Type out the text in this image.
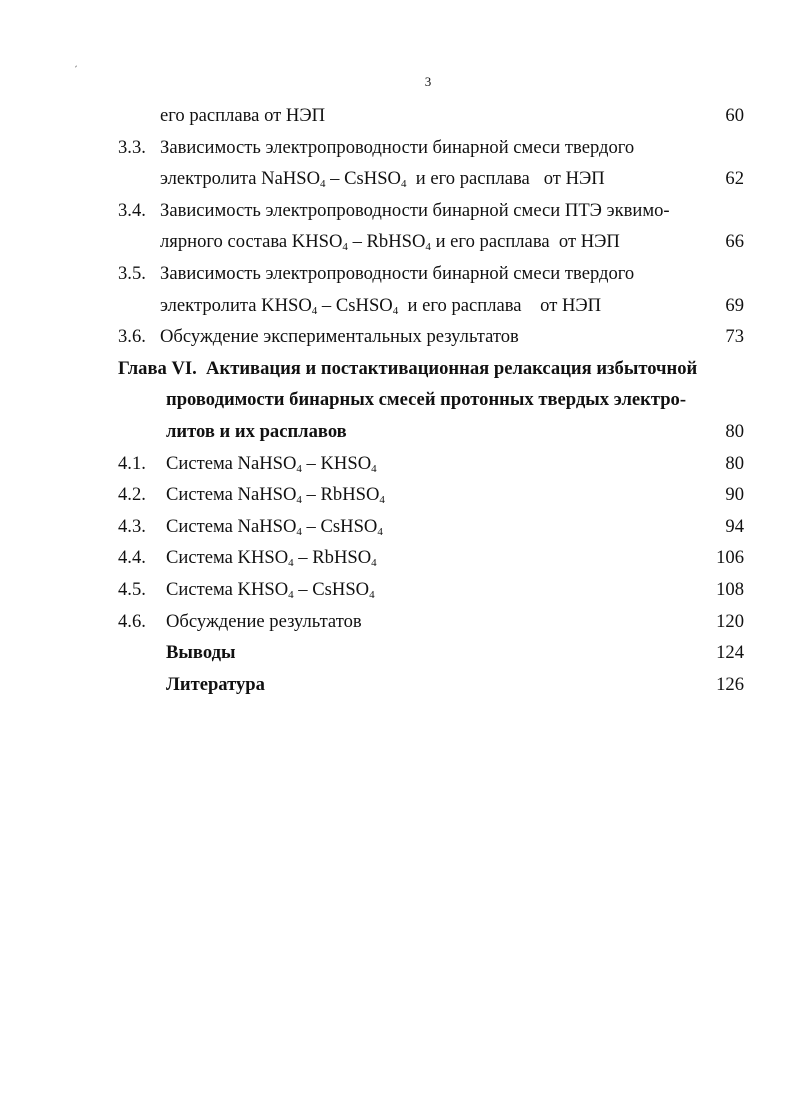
3
его расплава от НЭП	60
3.3. Зависимость электропроводности бинарной смеси твердого
электролита NaHSO$_4$ – CsHSO$_4$  и его расплава   от НЭП	62
3.4. Зависимость электропроводности бинарной смеси ПТЭ эквимо-
лярного состава $KHSO_4$ – RbHSO$_4$ и его расплава  от НЭП	66
3.5. Зависимость электропроводности бинарной смеси твердого
электролита $KHSO_4$ – CsHSO$_4$  и его расплава    от НЭП	69
3.6. Обсуждение экспериментальных результатов	73
Глава VI.  Активация и постактивационная релаксация избыточной
проводимости бинарных смесей протонных твердых электро-
литов и их расплавов	80
4.1. Система NaHSO$_4$ – $KHSO_4$	80
4.2. Система NaHSO$_4$ – RbHSO$_4$	90
4.3. Система NaHSO$_4$ – CsHSO$_4$	94
4.4. Система $KHSO_4$ – RbHSO$_4$	106
4.5. Система $KHSO_4$ – CsHSO$_4$	108
4.6. Обсуждение результатов	120
Выводы	124
Литература	126
